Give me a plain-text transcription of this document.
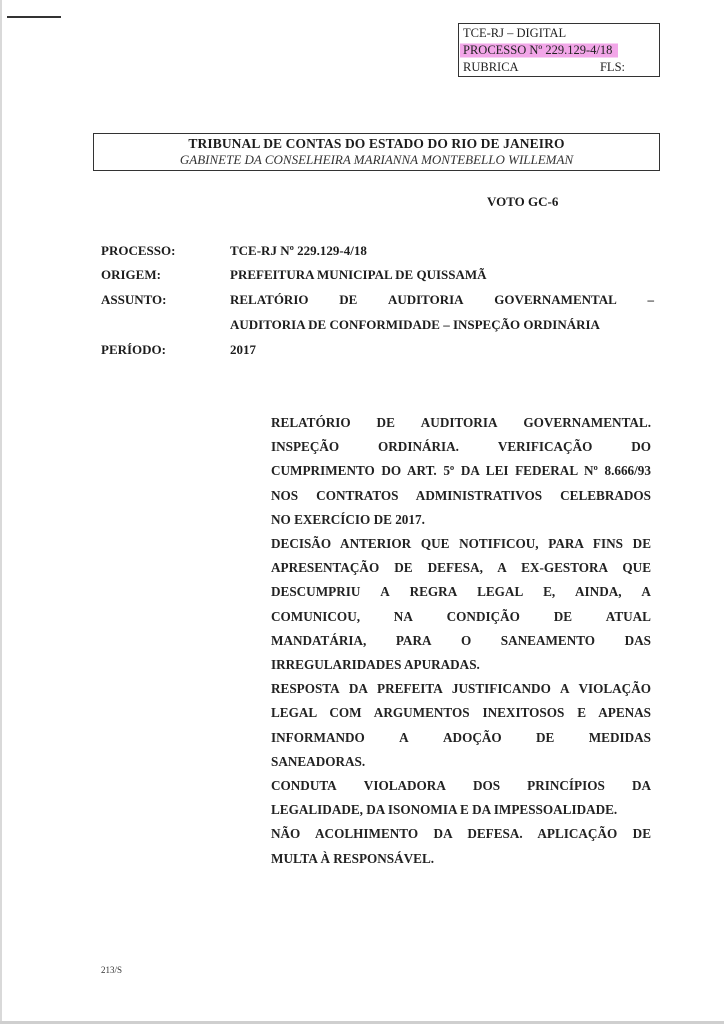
TCE-RJ – DIGITAL
PROCESSO Nº 229.129-4/18
RUBRICA	FLS:
TRIBUNAL DE CONTAS DO ESTADO DO RIO DE JANEIRO
GABINETE DA CONSELHEIRA MARIANNA MONTEBELLO WILLEMAN
VOTO GC-6
PROCESSO:	TCE-RJ Nº 229.129-4/18
ORIGEM:	PREFEITURA MUNICIPAL DE QUISSAMÃ
ASSUNTO:	RELATÓRIO DE AUDITORIA GOVERNAMENTAL –
AUDITORIA DE CONFORMIDADE – INSPEÇÃO ORDINÁRIA
PERÍODO:	2017
RELATÓRIO DE AUDITORIA GOVERNAMENTAL.
INSPEÇÃO	ORDINÁRIA.	VERIFICAÇÃO	DO
CUMPRIMENTO DO ART. 5º DA LEI FEDERAL Nº 8.666/93
NOS CONTRATOS ADMINISTRATIVOS CELEBRADOS
NO EXERCÍCIO DE 2017.
DECISÃO ANTERIOR QUE NOTIFICOU, PARA FINS DE
APRESENTAÇÃO DE DEFESA, A EX-GESTORA QUE
DESCUMPRIU A REGRA LEGAL E, AINDA, A
COMUNICOU,	NA	CONDIÇÃO	DE	ATUAL
MANDATÁRIA, PARA O SANEAMENTO DAS
IRREGULARIDADES APURADAS.
RESPOSTA DA PREFEITA JUSTIFICANDO A VIOLAÇÃO
LEGAL COM ARGUMENTOS INEXITOSOS E APENAS
INFORMANDO	A	ADOÇÃO	DE	MEDIDAS
SANEADORAS.
CONDUTA VIOLADORA DOS PRINCÍPIOS DA
LEGALIDADE, DA ISONOMIA E DA IMPESSOALIDADE.
NÃO ACOLHIMENTO DA DEFESA. APLICAÇÃO DE
MULTA À RESPONSÁVEL.
213/S
